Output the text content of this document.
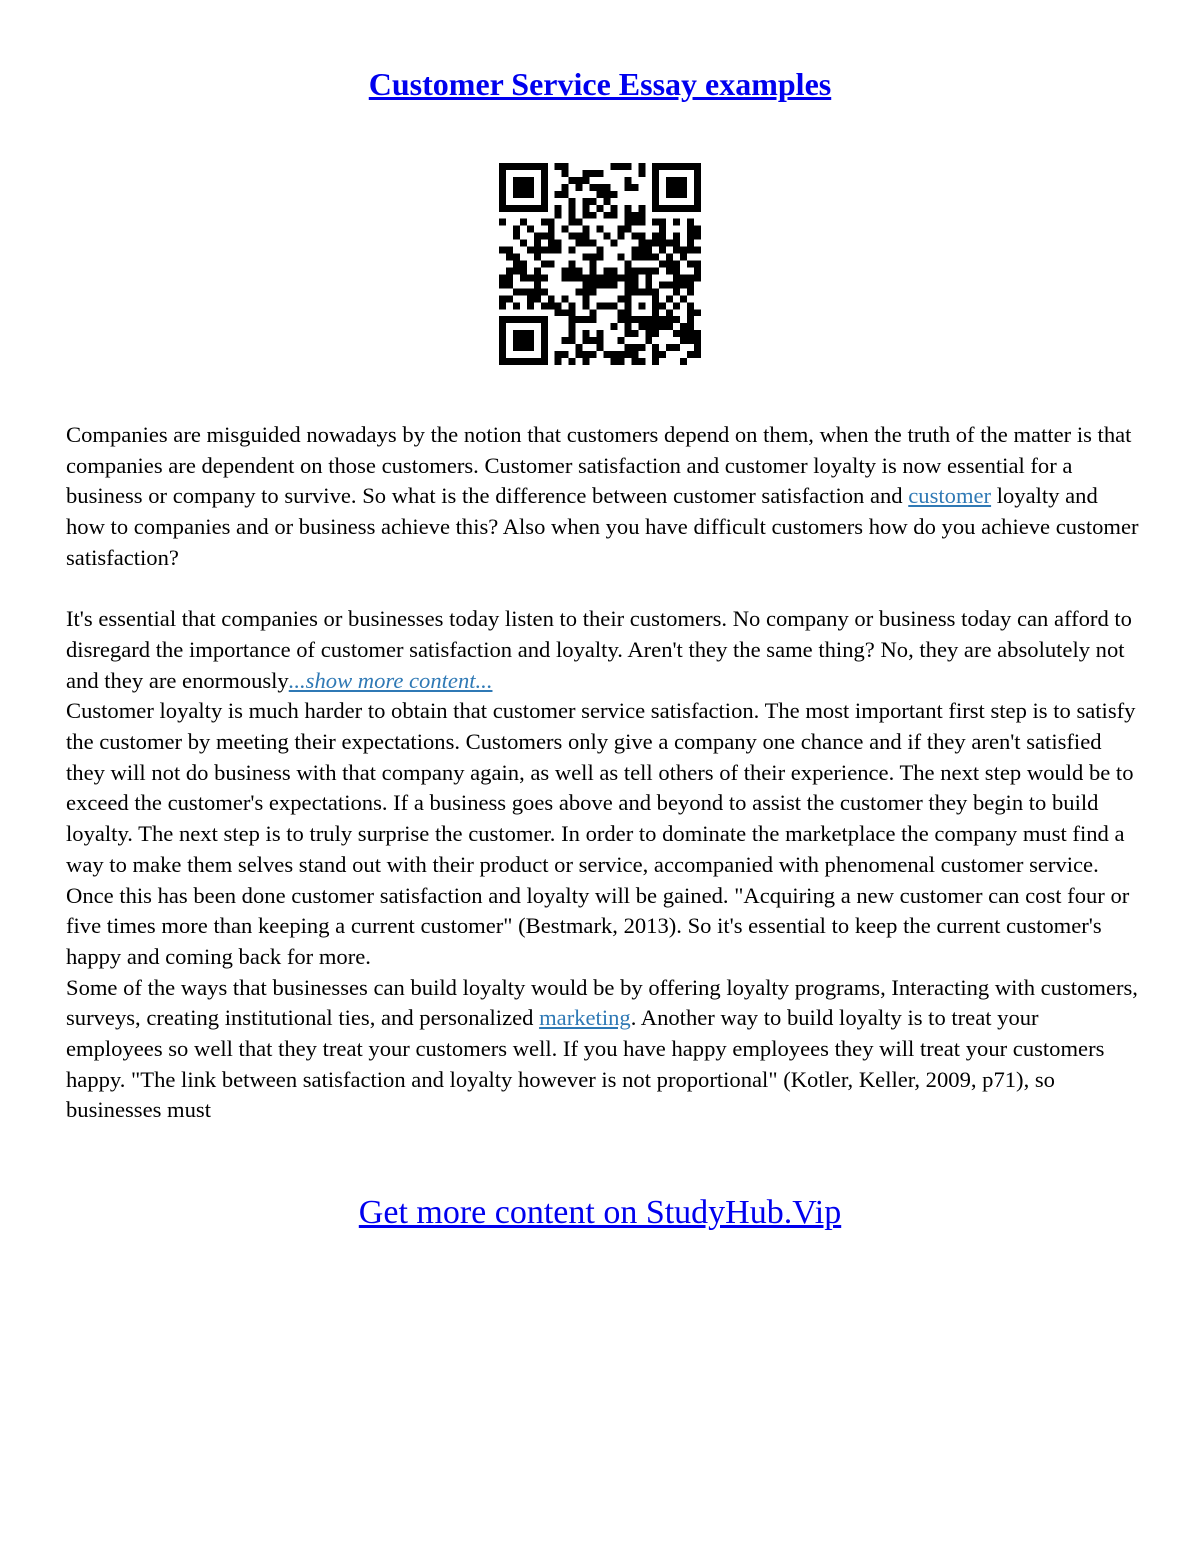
Customer Service Essay examples

Companies are misguided nowadays by the notion that customers depend on them, when the truth of the matter is that companies are dependent on those customers. Customer satisfaction and customer loyalty is now essential for a business or company to survive. So what is the difference between customer satisfaction and customer loyalty and how to companies and or business achieve this? Also when you have difficult customers how do you achieve customer satisfaction?

It's essential that companies or businesses today listen to their customers. No company or business today can afford to disregard the importance of customer satisfaction and loyalty. Aren't they the same thing? No, they are absolutely not and they are enormously...show more content...

Customer loyalty is much harder to obtain that customer service satisfaction. The most important first step is to satisfy the customer by meeting their expectations. Customers only give a company one chance and if they aren't satisfied they will not do business with that company again, as well as tell others of their experience. The next step would be to exceed the customer's expectations. If a business goes above and beyond to assist the customer they begin to build loyalty. The next step is to truly surprise the customer. In order to dominate the marketplace the company must find a way to make them selves stand out with their product or service, accompanied with phenomenal customer service. Once this has been done customer satisfaction and loyalty will be gained. "Acquiring a new customer can cost four or five times more than keeping a current customer" (Bestmark, 2013). So it's essential to keep the current customer's happy and coming back for more.

Some of the ways that businesses can build loyalty would be by offering loyalty programs, Interacting with customers, surveys, creating institutional ties, and personalized marketing. Another way to build loyalty is to treat your employees so well that they treat your customers well. If you have happy employees they will treat your customers happy. "The link between satisfaction and loyalty however is not proportional" (Kotler, Keller, 2009, p71), so businesses must

Get more content on StudyHub.Vip
